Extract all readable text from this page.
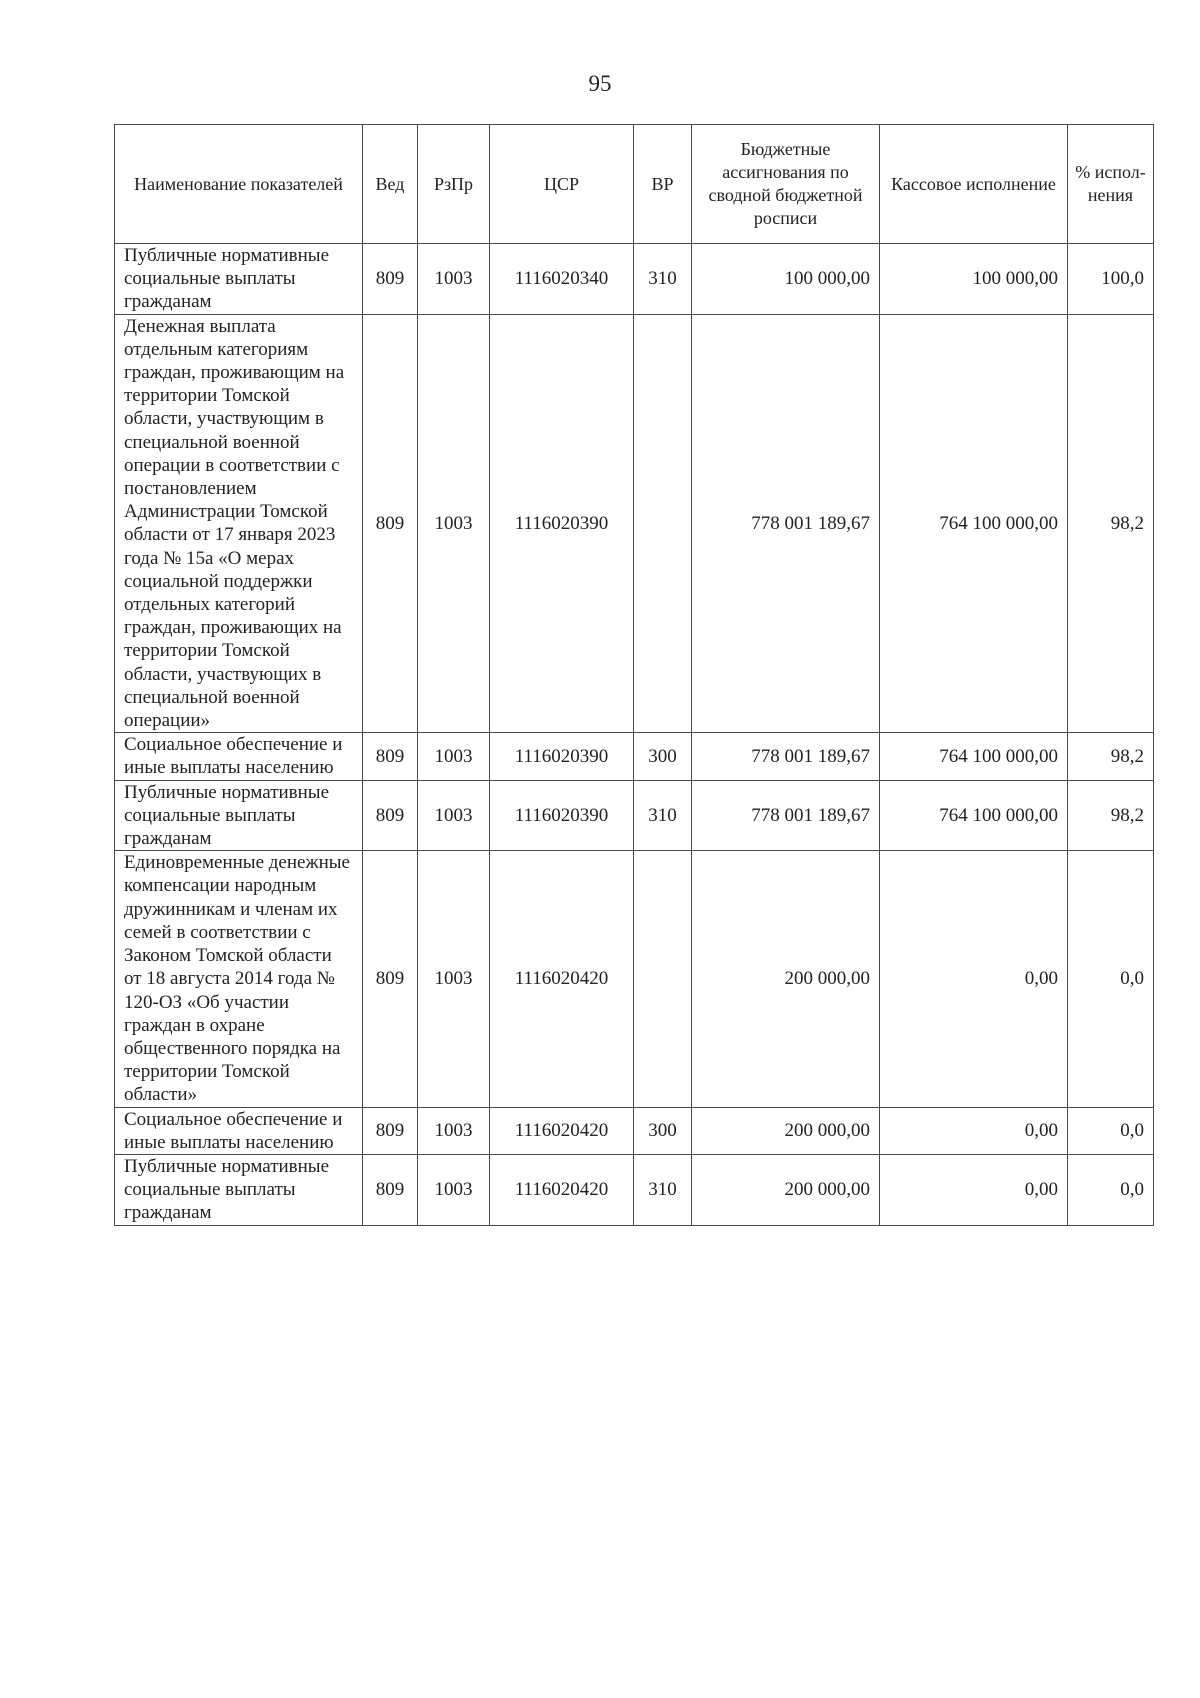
95
Наименование показателей	Вед	РзПр	ЦСР	ВР	Бюджетные ассигнования по сводной бюджетной росписи	Кассовое исполнение	% испол-нения
Публичные нормативные социальные выплаты гражданам	809	1003	1116020340	310	100 000,00	100 000,00	100,0
Денежная выплата отдельным категориям граждан, проживающим на территории Томской области, участвующим в специальной военной операции в соответствии с постановлением Администрации Томской области от 17 января 2023 года № 15а «О мерах социальной поддержки отдельных категорий граждан, проживающих на территории Томской области, участвующих в специальной военной операции»	809	1003	1116020390		778 001 189,67	764 100 000,00	98,2
Социальное обеспечение и иные выплаты населению	809	1003	1116020390	300	778 001 189,67	764 100 000,00	98,2
Публичные нормативные социальные выплаты гражданам	809	1003	1116020390	310	778 001 189,67	764 100 000,00	98,2
Единовременные денежные компенсации народным дружинникам и членам их семей в соответствии с Законом Томской области от 18 августа 2014 года № 120-ОЗ «Об участии граждан в охране общественного порядка на территории Томской области»	809	1003	1116020420		200 000,00	0,00	0,0
Социальное обеспечение и иные выплаты населению	809	1003	1116020420	300	200 000,00	0,00	0,0
Публичные нормативные социальные выплаты гражданам	809	1003	1116020420	310	200 000,00	0,00	0,0
